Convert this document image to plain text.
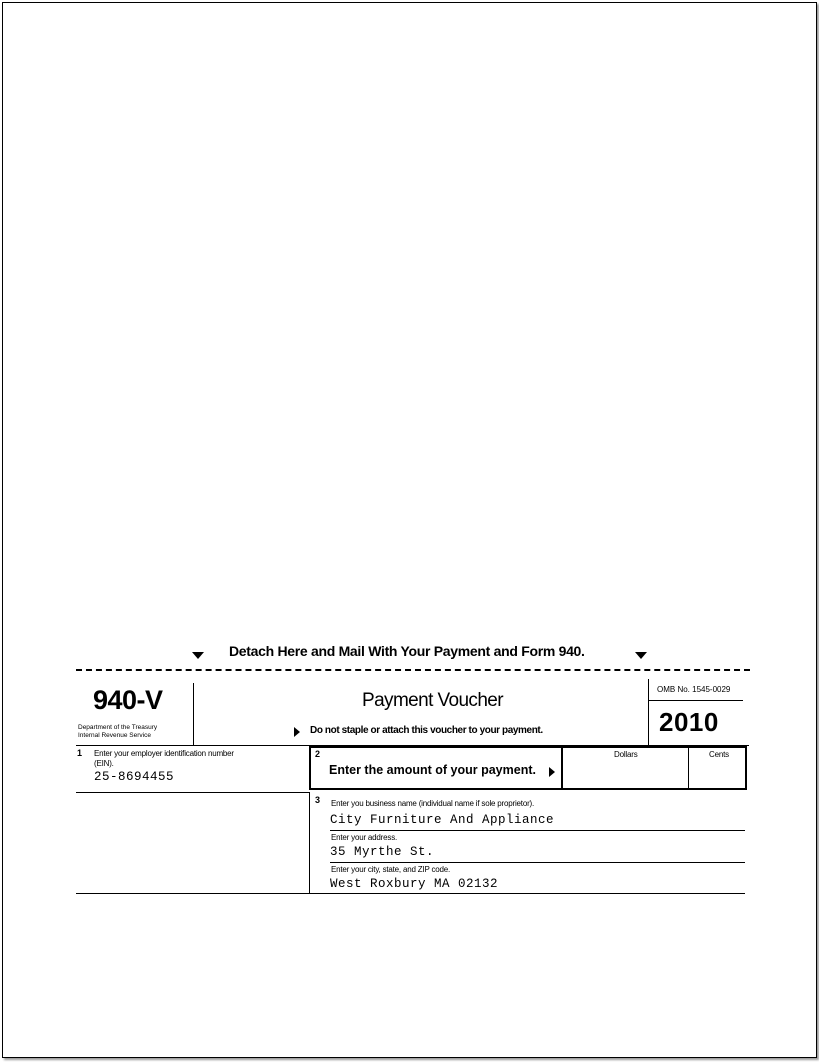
Detach Here and Mail With Your Payment and Form 940.
940-V
Department of the Treasury
Internal Revenue Service
Payment Voucher
Do not staple or attach this voucher to your payment.
OMB No. 1545-0029
2010
1 Enter your employer identification number
(EIN).
25-8694455
2
Enter the amount of your payment.
Dollars	Cents
3 Enter you business name (individual name if sole proprietor).
City Furniture And Appliance
Enter your address.
35 Myrthe St.
Enter your city, state, and ZIP code.
West Roxbury MA 02132
